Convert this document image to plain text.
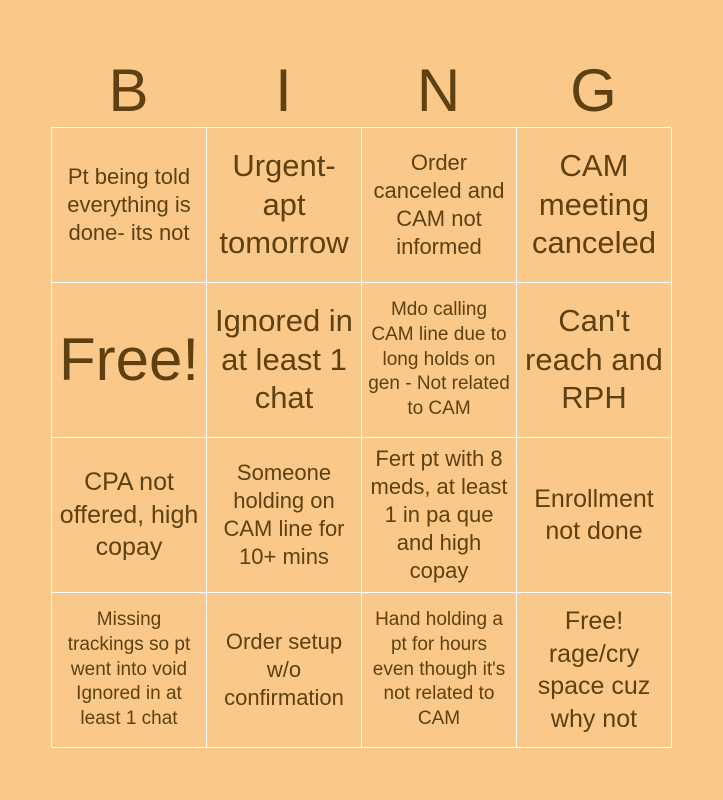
B	I	N	G
Pt being told everything is done- its not
Urgent- apt tomorrow
Order canceled and CAM not informed
CAM meeting canceled
Free!
Ignored in at least 1 chat
Mdo calling CAM line due to long holds on gen - Not related to CAM
Can't reach and RPH
CPA not offered, high copay
Someone holding on CAM line for 10+ mins
Fert pt with 8 meds, at least 1 in pa que and high copay
Enrollment not done
Missing trackings so pt went into void Ignored in at least 1 chat
Order setup w/o confirmation
Hand holding a pt for hours even though it's not related to CAM
Free! rage/cry space cuz why not
